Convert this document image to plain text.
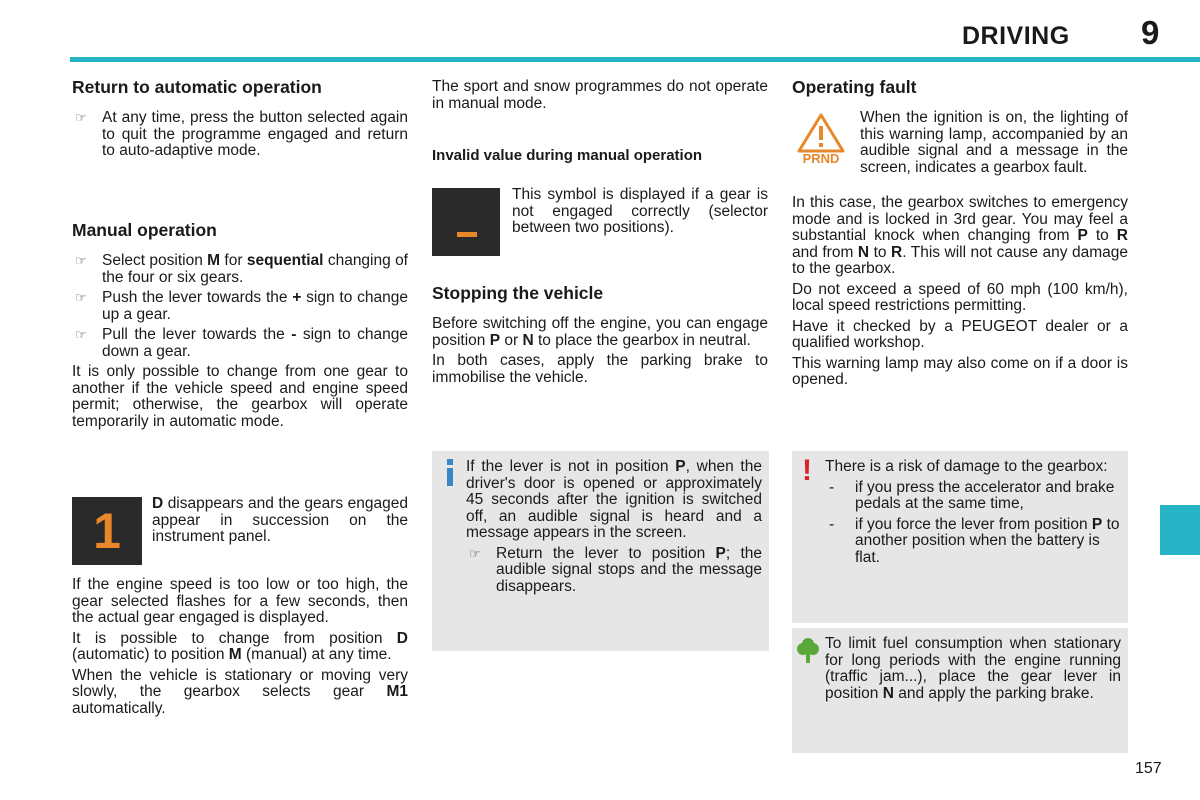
DRIVING 9
Return to automatic operation
☞ At any time, press the button selected again to quit the programme engaged and return to auto-adaptive mode.
Manual operation
☞ Select position M for sequential changing of the four or six gears.
☞ Push the lever towards the + sign to change up a gear.
☞ Pull the lever towards the - sign to change down a gear.

It is only possible to change from one gear to another if the vehicle speed and engine speed permit; otherwise, the gearbox will operate temporarily in automatic mode.

1	D disappears and the gears engaged appear in succession on the instrument panel.

If the engine speed is too low or too high, the gear selected flashes for a few seconds, then the actual gear engaged is displayed.

It is possible to change from position D (automatic) to position M (manual) at any time.

When the vehicle is stationary or moving very slowly, the gearbox selects gear M1 automatically.

The sport and snow programmes do not operate in manual mode.

Invalid value during manual operation

This symbol is displayed if a gear is not engaged correctly (selector between two positions).

Stopping the vehicle

Before switching off the engine, you can engage position P or N to place the gearbox in neutral.

In both cases, apply the parking brake to immobilise the vehicle.

If the lever is not in position P, when the driver's door is opened or approximately 45 seconds after the ignition is switched off, an audible signal is heard and a message appears in the screen.

☞ Return the lever to position P; the audible signal stops and the message disappears.
Operating fault
PRND

When the ignition is on, the lighting of this warning lamp, accompanied by an audible signal and a message in the screen, indicates a gearbox fault.

In this case, the gearbox switches to emergency mode and is locked in 3rd gear. You may feel a substantial knock when changing from P to R and from N to R. This will not cause any damage to the gearbox.

Do not exceed a speed of 60 mph (100 km/h), local speed restrictions permitting.

Have it checked by a PEUGEOT dealer or a qualified workshop.

This warning lamp may also come on if a door is opened.

! There is a risk of damage to the gearbox:

- if you press the accelerator and brake pedals at the same time,
- if you force the lever from position P to another position when the battery is flat.

To limit fuel consumption when stationary for long periods with the engine running (traffic jam...), place the gear lever in position N and apply the parking brake.

157
